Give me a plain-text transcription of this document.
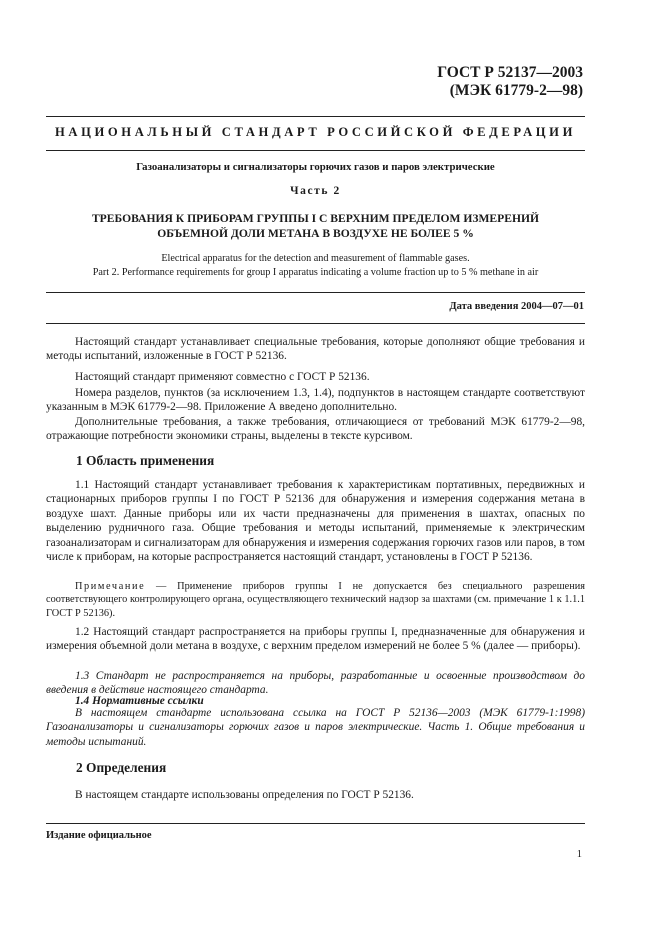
ГОСТ Р 52137—2003
(МЭК 61779-2—98)
НАЦИОНАЛЬНЫЙ СТАНДАРТ РОССИЙСКОЙ ФЕДЕРАЦИИ
Газоанализаторы и сигнализаторы горючих газов и паров электрические
Часть 2
ТРЕБОВАНИЯ К ПРИБОРАМ ГРУППЫ I С ВЕРХНИМ ПРЕДЕЛОМ ИЗМЕРЕНИЙ
ОБЪЕМНОЙ ДОЛИ МЕТАНА В ВОЗДУХЕ НЕ БОЛЕЕ 5 %
Electrical apparatus for the detection and measurement of flammable gases.
Part 2. Performance requirements for group I apparatus indicating a volume fraction up to 5 % methane in air
Дата введения 2004—07—01

Настоящий стандарт устанавливает специальные требования, которые дополняют общие требования и методы испытаний, изложенные в ГОСТ Р 52136.

Настоящий стандарт применяют совместно с ГОСТ Р 52136.

Номера разделов, пунктов (за исключением 1.3, 1.4), подпунктов в настоящем стандарте соответствуют указанным в МЭК 61779-2—98. Приложение А введено дополнительно.

Дополнительные требования, а также требования, отличающиеся от требований МЭК 61779-2—98, отражающие потребности экономики страны, выделены в тексте курсивом.

1 Область применения

1.1 Настоящий стандарт устанавливает требования к характеристикам портативных, передвижных и стационарных приборов группы I по ГОСТ Р 52136 для обнаружения и измерения содержания метана в воздухе шахт. Данные приборы или их части предназначены для применения в шахтах, опасных по выделению рудничного газа. Общие требования и методы испытаний, применяемые к электрическим газоанализаторам и сигнализаторам для обнаружения и измерения содержания горючих газов или паров, в том числе к приборам, на которые распространяется настоящий стандарт, установлены в ГОСТ Р 52136.

Примечание — Применение приборов группы I не допускается без специального разрешения соответствующего контролирующего органа, осуществляющего технический надзор за шахтами (см. примечание 1 к 1.1.1 ГОСТ Р 52136).

1.2 Настоящий стандарт распространяется на приборы группы I, предназначенные для обнаружения и измерения объемной доли метана в воздухе, с верхним пределом измерений не более 5 % (далее — приборы).

1.3 Стандарт не распространяется на приборы, разработанные и освоенные производством до введения в действие настоящего стандарта.

1.4 Нормативные ссылки

В настоящем стандарте использована ссылка на ГОСТ Р 52136—2003 (МЭК 61779-1:1998) Газоанализаторы и сигнализаторы горючих газов и паров электрические. Часть 1. Общие требования и методы испытаний.

2 Определения

В настоящем стандарте использованы определения по ГОСТ Р 52136.

Издание официальное
1
